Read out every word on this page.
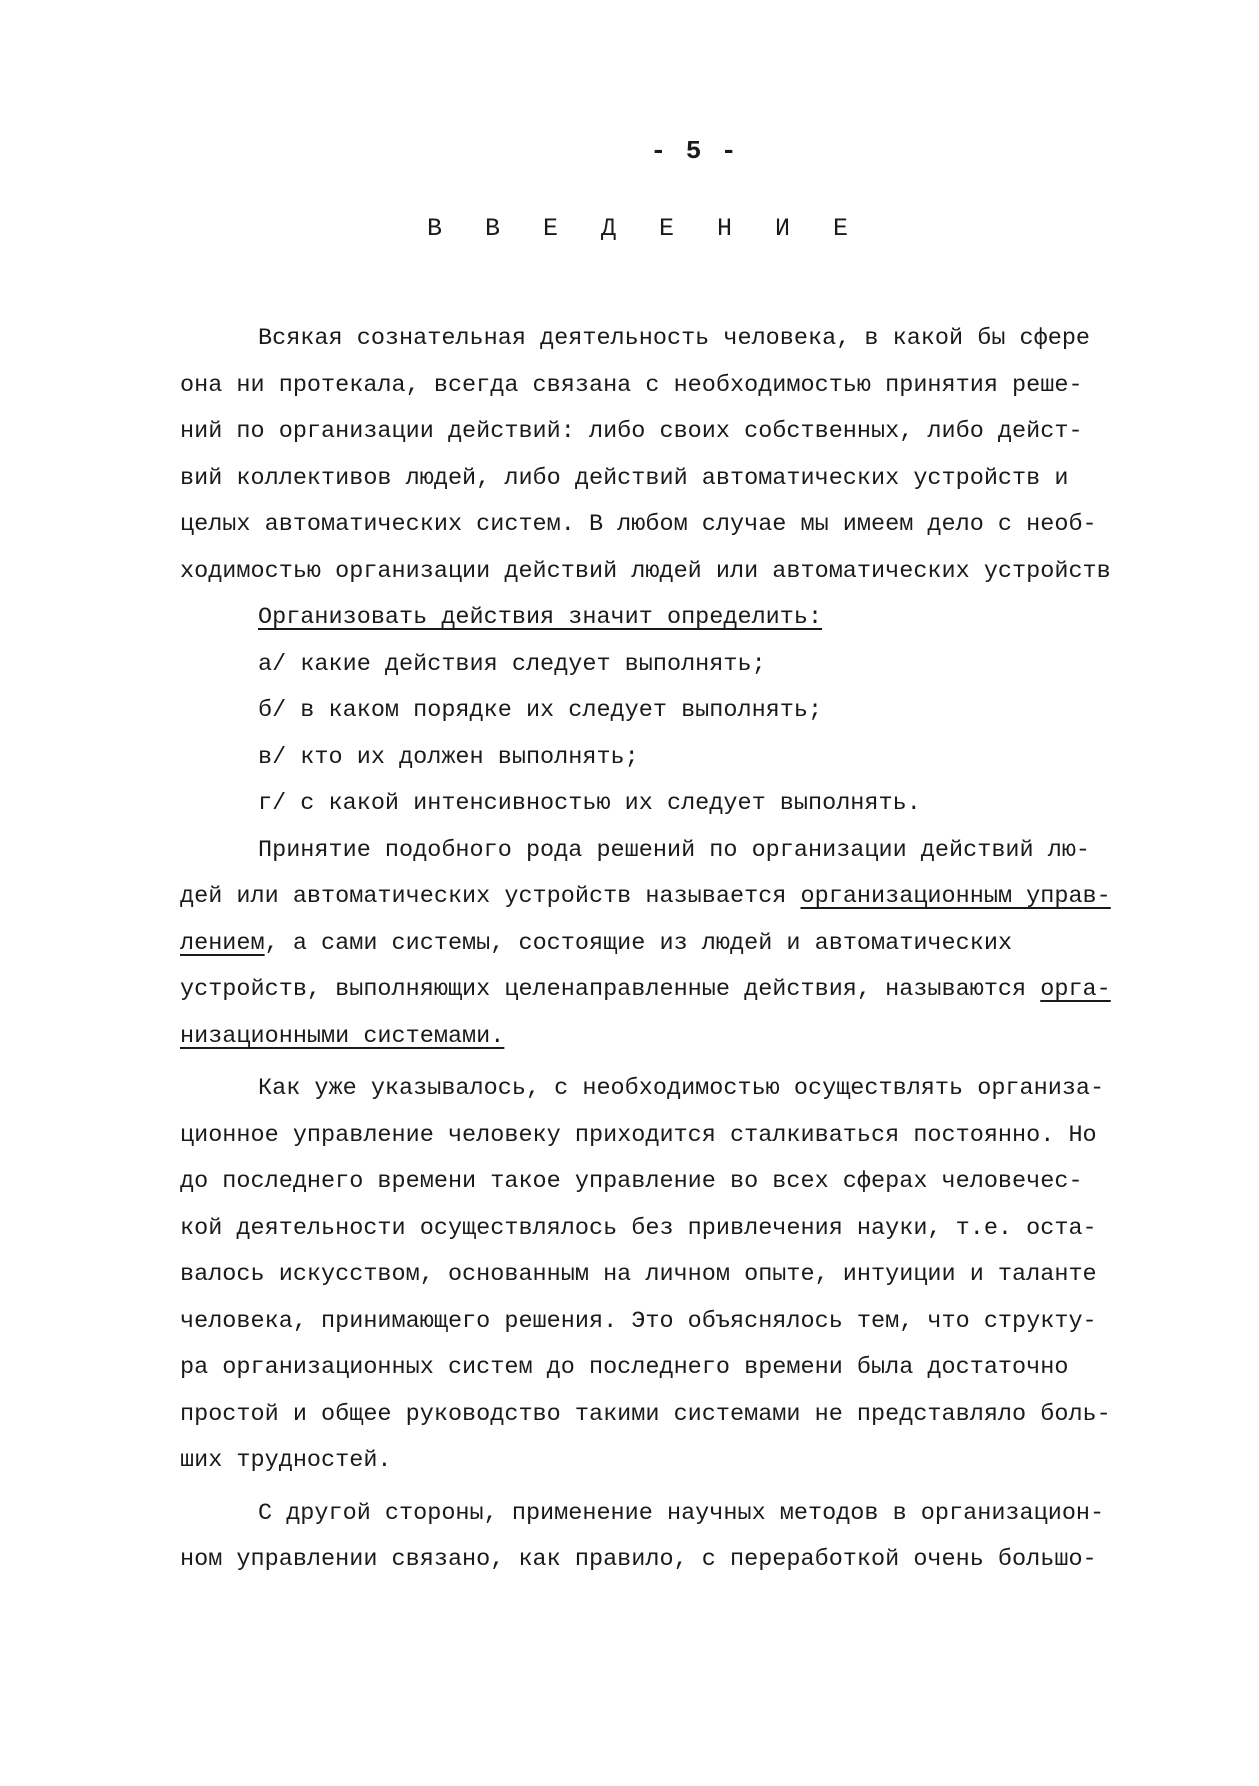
- 5 -
В В Е Д Е Н И Е
Всякая сознательная деятельность человека, в какой бы сфере
она ни протекала, всегда связана с необходимостью принятия реше-
ний по организации действий: либо своих собственных, либо дейст-
вий коллективов людей, либо действий автоматических устройств и
целых автоматических систем. В любом случае мы имеем дело с необ-
ходимостью организации действий людей или автоматических устройств
Организовать действия значит определить:
а/ какие действия следует выполнять;
б/ в каком порядке их следует выполнять;
в/ кто их должен выполнять;
г/ с какой интенсивностью их следует выполнять.
Принятие подобного рода решений по организации действий лю-
дей или автоматических устройств называется организационным управ-
лением, а сами системы, состоящие из людей и автоматических
устройств, выполняющих целенаправленные действия, называются орга-
низационными системами.
Как уже указывалось, с необходимостью осуществлять организа-
ционное управление человеку приходится сталкиваться постоянно. Но
до последнего времени такое управление во всех сферах человечес-
кой деятельности осуществлялось без привлечения науки, т.е. оста-
валось искусством, основанным на личном опыте, интуиции и таланте
человека, принимающего решения. Это объяснялось тем, что структу-
ра организационных систем до последнего времени была достаточно
простой и общее руководство такими системами не представляло боль-
ших трудностей.
С другой стороны, применение научных методов в организацион-
ном управлении связано, как правило, с переработкой очень большо-
